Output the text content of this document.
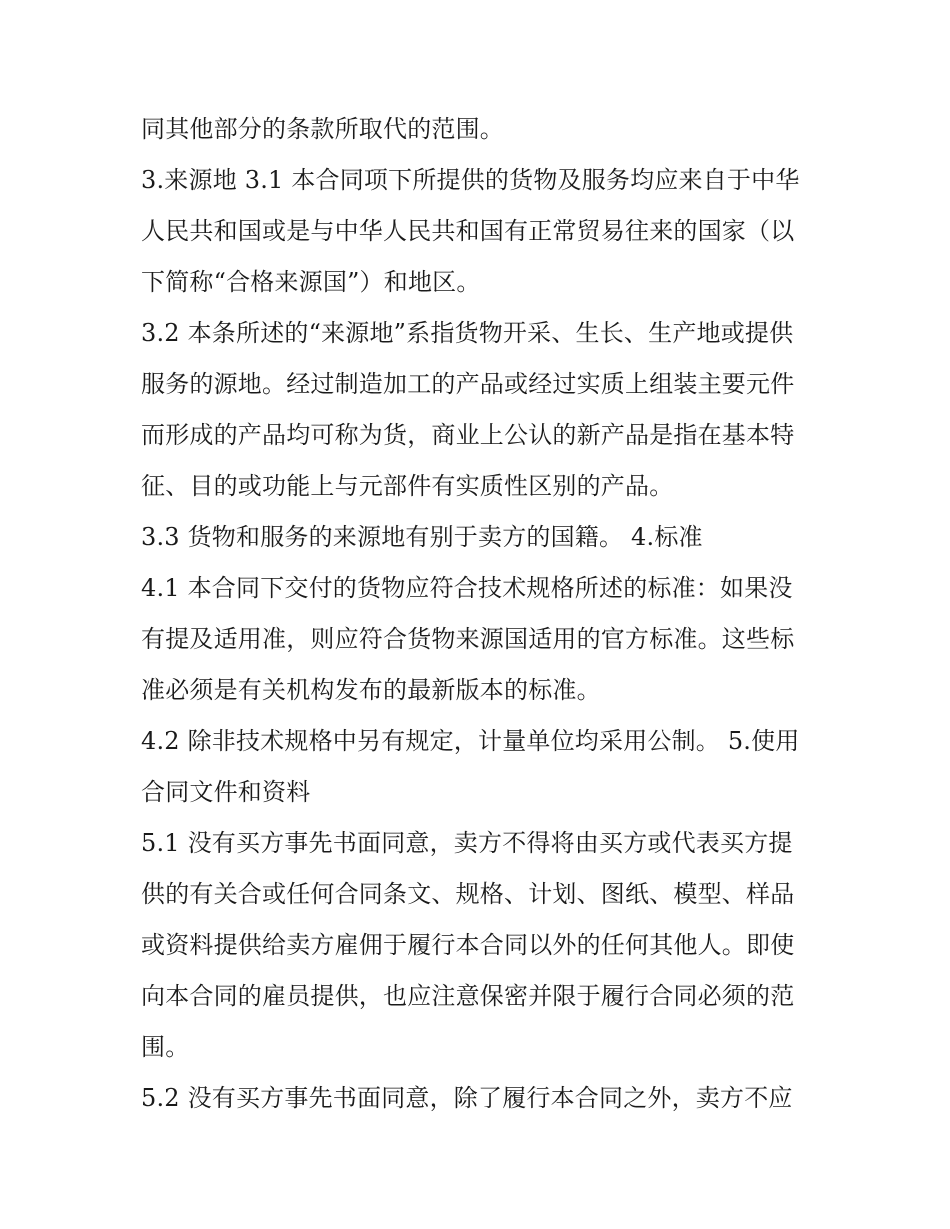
同其他部分的条款所取代的范围。
3.来源地 3.1 本合同项下所提供的货物及服务均应来自于中华
人民共和国或是与中华人民共和国有正常贸易往来的国家（以
下简称“合格来源国”）和地区。
3.2 本条所述的“来源地”系指货物开采、生长、生产地或提供
服务的源地。经过制造加工的产品或经过实质上组装主要元件
而形成的产品均可称为货，商业上公认的新产品是指在基本特
征、目的或功能上与元部件有实质性区别的产品。
3.3 货物和服务的来源地有别于卖方的国籍。 4.标准
4.1 本合同下交付的货物应符合技术规格所述的标准：如果没
有提及适用准，则应符合货物来源国适用的官方标准。这些标
准必须是有关机构发布的最新版本的标准。
4.2 除非技术规格中另有规定，计量单位均采用公制。 5.使用
合同文件和资料
5.1 没有买方事先书面同意，卖方不得将由买方或代表买方提
供的有关合或任何合同条文、规格、计划、图纸、模型、样品
或资料提供给卖方雇佣于履行本合同以外的任何其他人。即使
向本合同的雇员提供，也应注意保密并限于履行合同必须的范
围。
5.2 没有买方事先书面同意，除了履行本合同之外，卖方不应
